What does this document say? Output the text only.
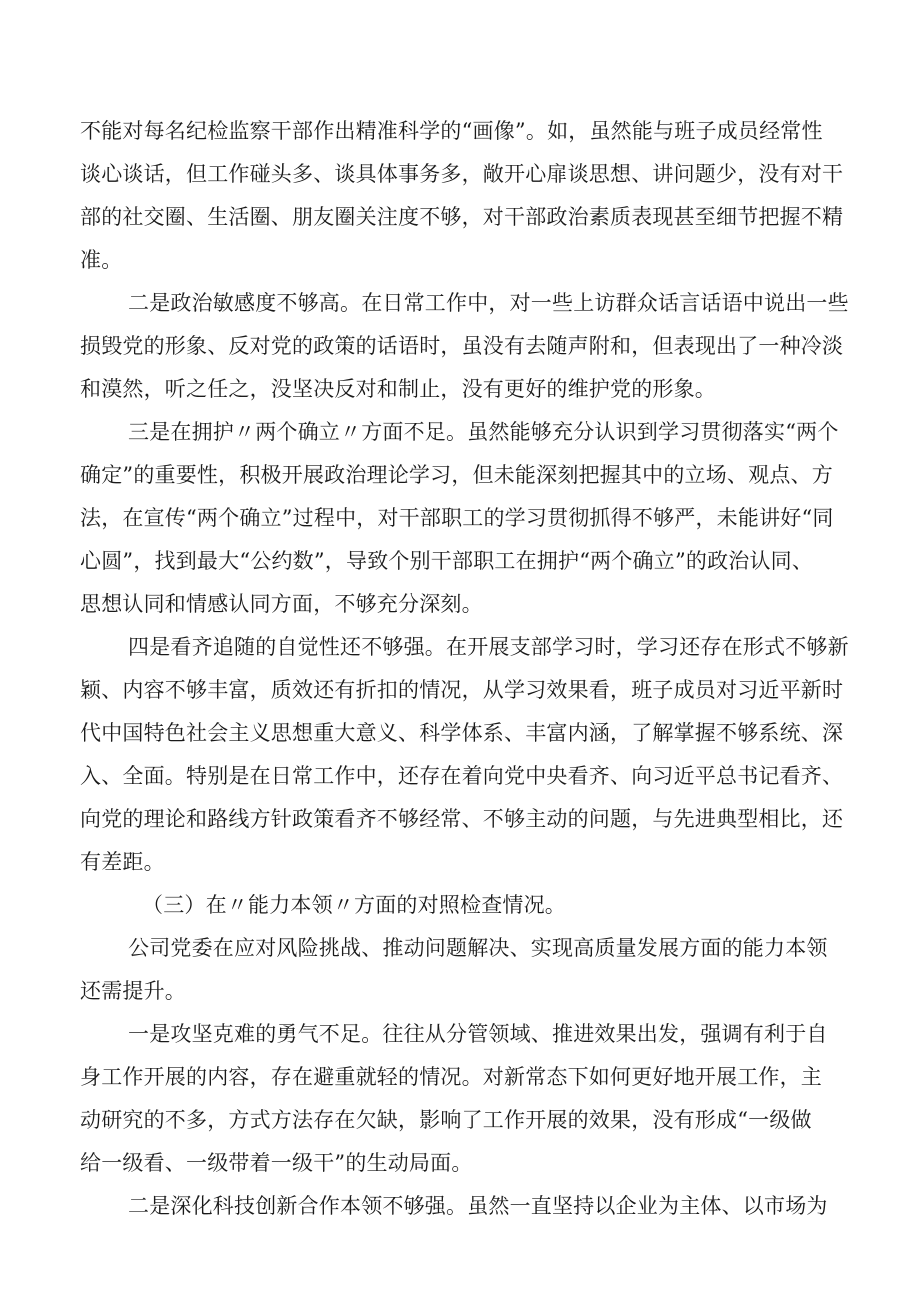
不能对每名纪检监察干部作出精准科学的“画像”。如，虽然能与班子成员经常性
谈心谈话，但工作碰头多、谈具体事务多，敞开心扉谈思想、讲问题少，没有对干
部的社交圈、生活圈、朋友圈关注度不够，对干部政治素质表现甚至细节把握不精
准。
二是政治敏感度不够高。在日常工作中，对一些上访群众话言话语中说出一些
损毁党的形象、反对党的政策的话语时，虽没有去随声附和，但表现出了一种冷淡
和漠然，听之任之，没坚决反对和制止，没有更好的维护党的形象。
三是在拥护〃两个确立〃方面不足。虽然能够充分认识到学习贯彻落实“两个
确定”的重要性，积极开展政治理论学习，但未能深刻把握其中的立场、观点、方
法，在宣传“两个确立”过程中，对干部职工的学习贯彻抓得不够严，未能讲好“同
心圆”，找到最大“公约数”，导致个别干部职工在拥护“两个确立”的政治认同、
思想认同和情感认同方面，不够充分深刻。
四是看齐追随的自觉性还不够强。在开展支部学习时，学习还存在形式不够新
颖、内容不够丰富，质效还有折扣的情况，从学习效果看，班子成员对习近平新时
代中国特色社会主义思想重大意义、科学体系、丰富内涵，了解掌握不够系统、深
入、全面。特别是在日常工作中，还存在着向党中央看齐、向习近平总书记看齐、
向党的理论和路线方针政策看齐不够经常、不够主动的问题，与先进典型相比，还
有差距。
（三）在〃能力本领〃方面的对照检查情况。
公司党委在应对风险挑战、推动问题解决、实现高质量发展方面的能力本领
还需提升。
一是攻坚克难的勇气不足。往往从分管领域、推进效果出发，强调有利于自
身工作开展的内容，存在避重就轻的情况。对新常态下如何更好地开展工作，主
动研究的不多，方式方法存在欠缺，影响了工作开展的效果，没有形成“一级做
给一级看、一级带着一级干”的生动局面。
二是深化科技创新合作本领不够强。虽然一直坚持以企业为主体、以市场为
